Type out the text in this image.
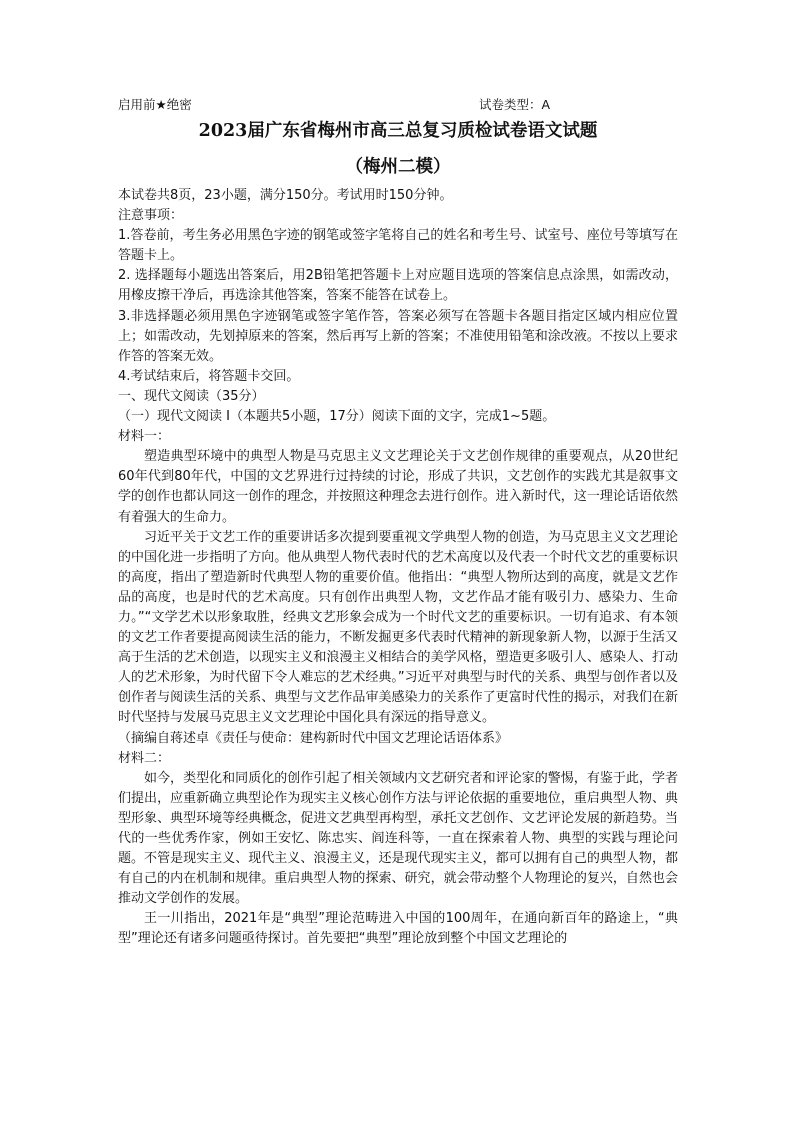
启用前★绝密	试卷类型：A
2023届广东省梅州市高三总复习质检试卷语文试题
（梅州二模）

本试卷共8页，23小题，满分150分。考试用时150分钟。

注意事项：

1.答卷前，考生务必用黑色字迹的钢笔或签字笔将自己的姓名和考生号、试室号、座位号等填写在答题卡上。

2. 选择题每小题选出答案后，用2B铅笔把答题卡上对应题目选项的答案信息点涂黑，如需改动，用橡皮擦干净后，再选涂其他答案，答案不能答在试卷上。

3.非选择题必须用黑色字迹钢笔或签字笔作答，答案必须写在答题卡各题目指定区域内相应位置上；如需改动，先划掉原来的答案，然后再写上新的答案；不准使用铅笔和涂改液。不按以上要求作答的答案无效。

4.考试结束后，将答题卡交回。

一、现代文阅读（35分）

（一）现代文阅读 I（本题共5小题，17分）阅读下面的文字，完成1~5题。

材料一：

塑造典型环境中的典型人物是马克思主义文艺理论关于文艺创作规律的重要观点，从20世纪60年代到80年代，中国的文艺界进行过持续的讨论，形成了共识，文艺创作的实践尤其是叙事文学的创作也都认同这一创作的理念，并按照这种理念去进行创作。进入新时代，这一理论话语依然有着强大的生命力。

习近平关于文艺工作的重要讲话多次提到要重视文学典型人物的创造，为马克思主义文艺理论的中国化进一步指明了方向。他从典型人物代表时代的艺术高度以及代表一个时代文艺的重要标识的高度，指出了塑造新时代典型人物的重要价值。他指出：“典型人物所达到的高度，就是文艺作品的高度，也是时代的艺术高度。只有创作出典型人物，文艺作品才能有吸引力、感染力、生命力。”“文学艺术以形象取胜，经典文艺形象会成为一个时代文艺的重要标识。一切有追求、有本领的文艺工作者要提高阅读生活的能力，不断发掘更多代表时代精神的新现象新人物，以源于生活又高于生活的艺术创造，以现实主义和浪漫主义相结合的美学风格，塑造更多吸引人、感染人、打动人的艺术形象，为时代留下令人难忘的艺术经典。”习近平对典型与时代的关系、典型与创作者以及创作者与阅读生活的关系、典型与文艺作品审美感染力的关系作了更富时代性的揭示，对我们在新时代坚持与发展马克思主义文艺理论中国化具有深远的指导意义。

（摘编自蒋述卓《责任与使命：建构新时代中国文艺理论话语体系》

材料二：

如今，类型化和同质化的创作引起了相关领域内文艺研究者和评论家的警惕，有鉴于此，学者们提出，应重新确立典型论作为现实主义核心创作方法与评论依据的重要地位，重启典型人物、典型形象、典型环境等经典概念，促进文艺典型再构型，承托文艺创作、文艺评论发展的新趋势。当代的一些优秀作家，例如王安忆、陈忠实、阎连科等，一直在探索着人物、典型的实践与理论问题。不管是现实主义、现代主义、浪漫主义，还是现代现实主义，都可以拥有自己的典型人物，都有自己的内在机制和规律。重启典型人物的探索、研究，就会带动整个人物理论的复兴，自然也会推动文学创作的发展。

王一川指出，2021年是“典型”理论范畴进入中国的100周年，在通向新百年的路途上，“典型”理论还有诸多问题亟待探讨。首先要把“典型”理论放到整个中国文艺理论的
